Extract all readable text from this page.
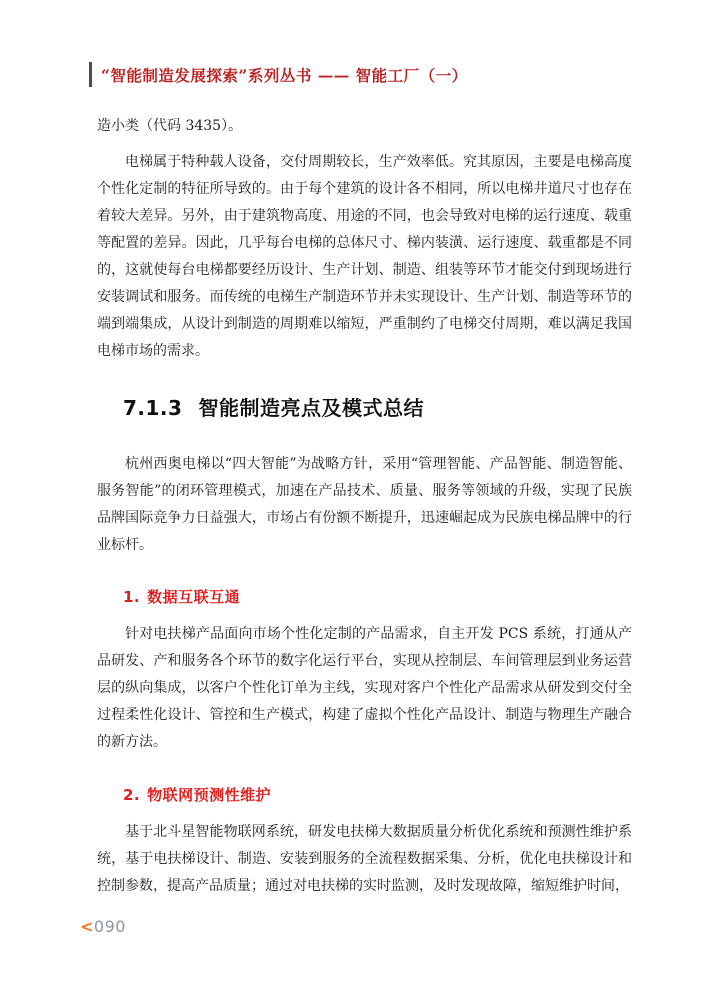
“智能制造发展探索”系列丛书 —— 智能工厂（一）

造小类（代码 3435）。

电梯属于特种载人设备，交付周期较长，生产效率低。究其原因，主要是电梯高度个性化定制的特征所导致的。由于每个建筑的设计各不相同，所以电梯井道尺寸也存在着较大差异。另外，由于建筑物高度、用途的不同，也会导致对电梯的运行速度、载重等配置的差异。因此，几乎每台电梯的总体尺寸、梯内装潢、运行速度、载重都是不同的，这就使每台电梯都要经历设计、生产计划、制造、组装等环节才能交付到现场进行安装调试和服务。而传统的电梯生产制造环节并未实现设计、生产计划、制造等环节的端到端集成，从设计到制造的周期难以缩短，严重制约了电梯交付周期，难以满足我国电梯市场的需求。

7.1.3 智能制造亮点及模式总结

杭州西奥电梯以“四大智能”为战略方针，采用“管理智能、产品智能、制造智能、服务智能”的闭环管理模式，加速在产品技术、质量、服务等领域的升级，实现了民族品牌国际竞争力日益强大，市场占有份额不断提升，迅速崛起成为民族电梯品牌中的行业标杆。

1. 数据互联互通

针对电扶梯产品面向市场个性化定制的产品需求，自主开发 PCS 系统，打通从产品研发、产和服务各个环节的数字化运行平台，实现从控制层、车间管理层到业务运营层的纵向集成，以客户个性化订单为主线，实现对客户个性化产品需求从研发到交付全过程柔性化设计、管控和生产模式，构建了虚拟个性化产品设计、制造与物理生产融合的新方法。

2. 物联网预测性维护

基于北斗星智能物联网系统，研发电扶梯大数据质量分析优化系统和预测性维护系统，基于电扶梯设计、制造、安装到服务的全流程数据采集、分析，优化电扶梯设计和控制参数，提高产品质量；通过对电扶梯的实时监测，及时发现故障，缩短维护时间，

<090
